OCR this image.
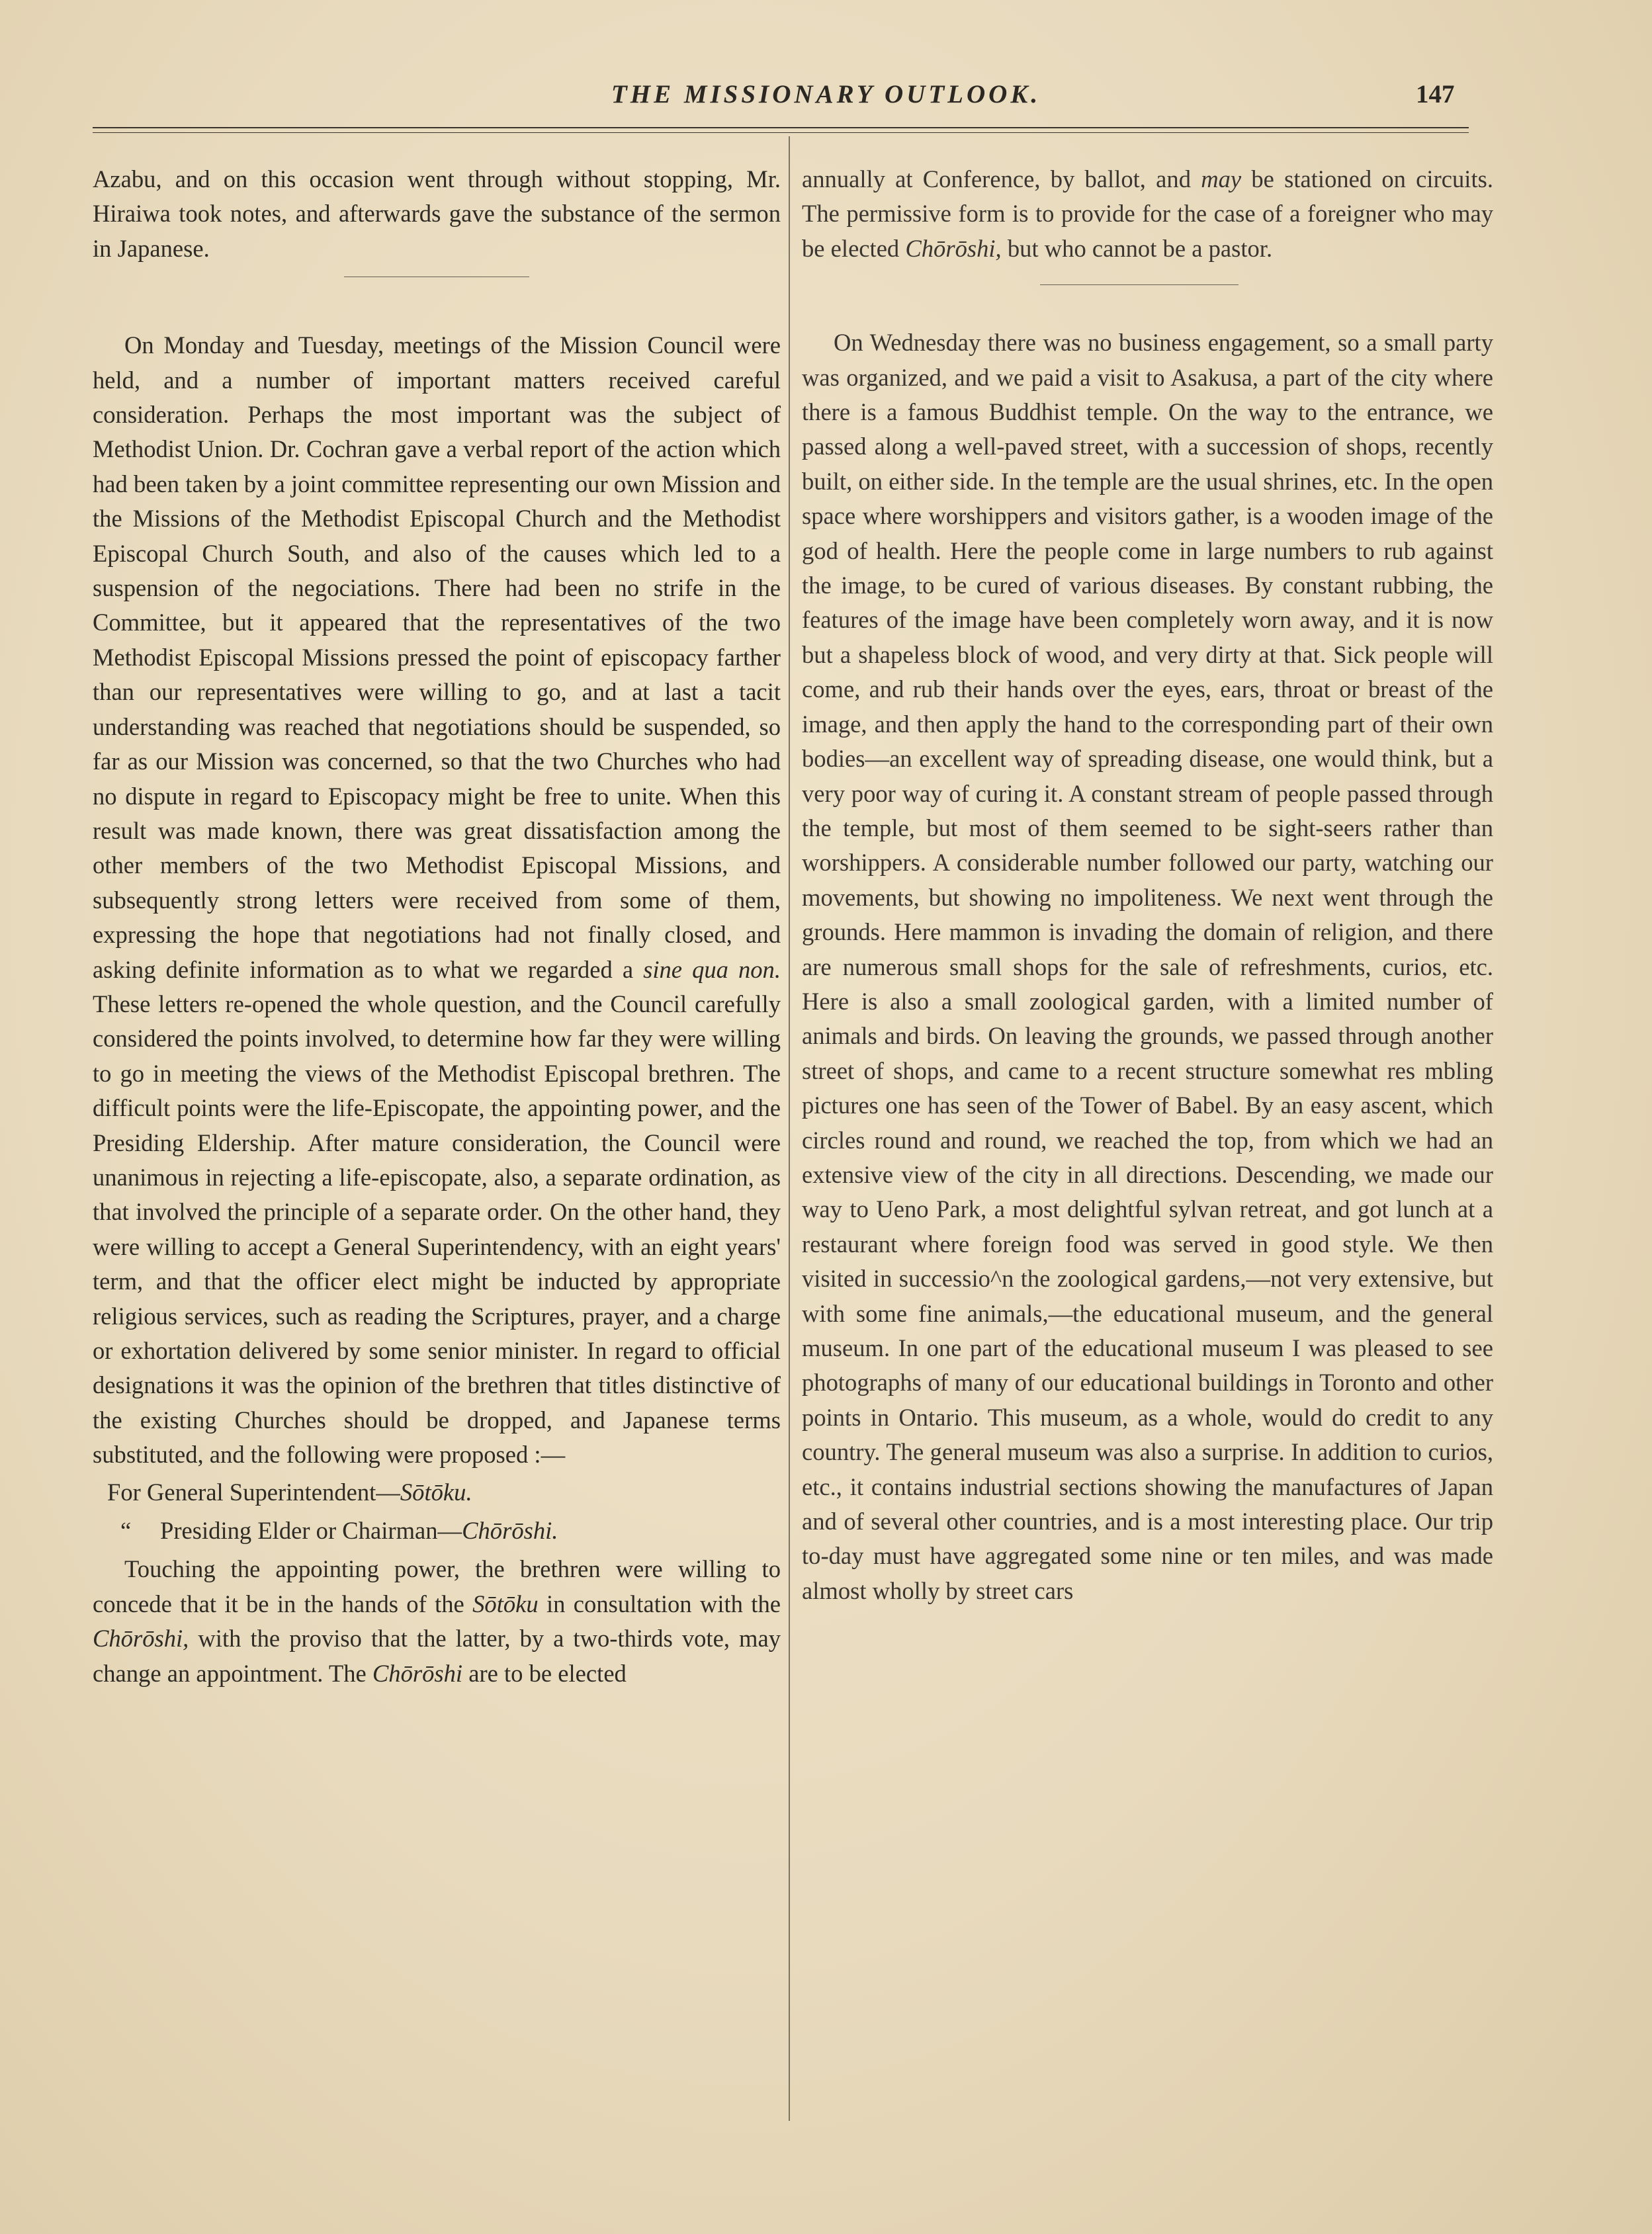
THE MISSIONARY OUTLOOK.	147

Azabu, and on this occasion went through without stopping, Mr. Hiraiwa took notes, and afterwards gave the substance of the sermon in Japanese.

On Monday and Tuesday, meetings of the Mission Council were held, and a number of important matters received careful consideration. Perhaps the most important was the subject of Methodist Union. Dr. Cochran gave a verbal report of the action which had been taken by a joint committee representing our own Mission and the Missions of the Methodist Episcopal Church and the Methodist Episcopal Church South, and also of the causes which led to a suspension of the negociations. There had been no strife in the Committee, but it appeared that the representatives of the two Methodist Episcopal Missions pressed the point of episcopacy farther than our representatives were willing to go, and at last a tacit understanding was reached that negotiations should be suspended, so far as our Mission was concerned, so that the two Churches who had no dispute in regard to Episcopacy might be free to unite. When this result was made known, there was great dissatisfaction among the other members of the two Methodist Episcopal Missions, and subsequently strong letters were received from some of them, expressing the hope that negotiations had not finally closed, and asking definite information as to what we regarded a sine qua non. These letters re-opened the whole question, and the Council carefully considered the points involved, to determine how far they were willing to go in meeting the views of the Methodist Episcopal brethren. The difficult points were the life-Episcopate, the appointing power, and the Presiding Eldership. After mature consideration, the Council were unanimous in rejecting a life-episcopate, also, a separate ordination, as that involved the principle of a separate order. On the other hand, they were willing to accept a General Superintendency, with an eight years' term, and that the officer elect might be inducted by appropriate religious services, such as reading the Scriptures, prayer, and a charge or exhortation delivered by some senior minister. In regard to official designations it was the opinion of the brethren that titles distinctive of the existing Churches should be dropped, and Japanese terms substituted, and the following were proposed :—

For General Superintendent—Sōtōku.

“ Presiding Elder or Chairman—Chōrōshi.

Touching the appointing power, the brethren were willing to concede that it be in the hands of the Sōtōku in consultation with the Chōrōshi, with the proviso that the latter, by a two-thirds vote, may change an appointment. The Chōrōshi are to be elected

annually at Conference, by ballot, and may be stationed on circuits. The permissive form is to provide for the case of a foreigner who may be elected Chōrōshi, but who cannot be a pastor.

On Wednesday there was no business engagement, so a small party was organized, and we paid a visit to Asakusa, a part of the city where there is a famous Buddhist temple. On the way to the entrance, we passed along a well-paved street, with a succession of shops, recently built, on either side. In the temple are the usual shrines, etc. In the open space where worshippers and visitors gather, is a wooden image of the god of health. Here the people come in large numbers to rub against the image, to be cured of various diseases. By constant rubbing, the features of the image have been completely worn away, and it is now but a shapeless block of wood, and very dirty at that. Sick people will come, and rub their hands over the eyes, ears, throat or breast of the image, and then apply the hand to the corresponding part of their own bodies—an excellent way of spreading disease, one would think, but a very poor way of curing it. A constant stream of people passed through the temple, but most of them seemed to be sight-seers rather than worshippers. A considerable number followed our party, watching our movements, but showing no impoliteness. We next went through the grounds. Here mammon is invading the domain of religion, and there are numerous small shops for the sale of refreshments, curios, etc. Here is also a small zoological garden, with a limited number of animals and birds. On leaving the grounds, we passed through another street of shops, and came to a recent structure somewhat res mbling pictures one has seen of the Tower of Babel. By an easy ascent, which circles round and round, we reached the top, from which we had an extensive view of the city in all directions. Descending, we made our way to Ueno Park, a most delightful sylvan retreat, and got lunch at a restaurant where foreign food was served in good style. We then visited in successio^n the zoological gardens,—not very extensive, but with some fine animals,—the educational museum, and the general museum. In one part of the educational museum I was pleased to see photographs of many of our educational buildings in Toronto and other points in Ontario. This museum, as a whole, would do credit to any country. The general museum was also a surprise. In addition to curios, etc., it contains industrial sections showing the manufactures of Japan and of several other countries, and is a most interesting place. Our trip to-day must have aggregated some nine or ten miles, and was made almost wholly by street cars
